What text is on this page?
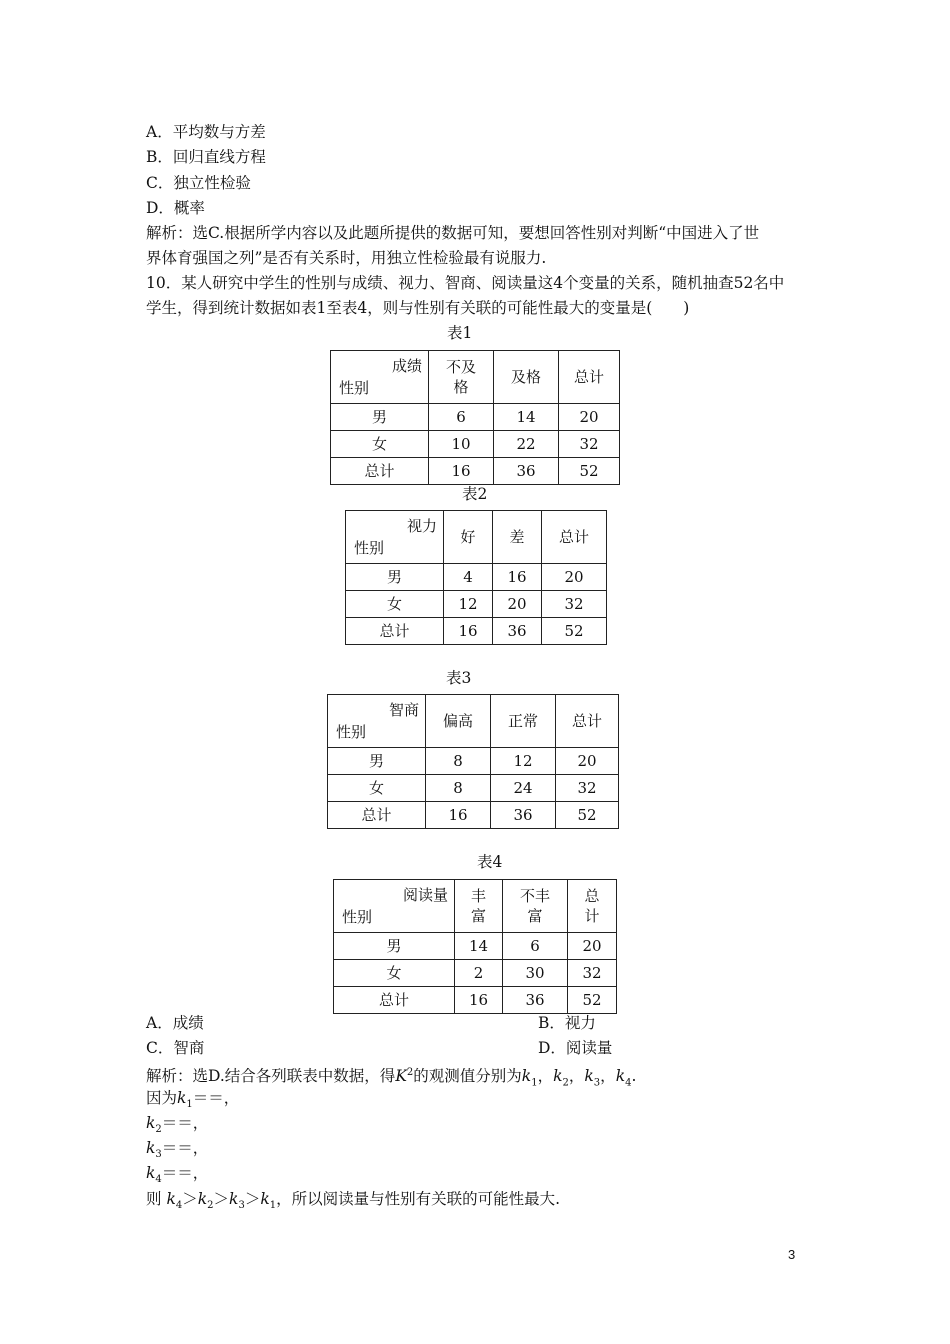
A．平均数与方差
B．回归直线方程
C．独立性检验
D．概率
解析：选C.根据所学内容以及此题所提供的数据可知，要想回答性别对判断“中国进入了世
界体育强国之列”是否有关系时，用独立性检验最有说服力.
10．某人研究中学生的性别与成绩、视力、智商、阅读量这4个变量的关系，随机抽查52名中
学生，得到统计数据如表1至表4，则与性别有关联的可能性最大的变量是(　　)
表1
成绩
性别	不及格	及格	总计
男	6	14	20
女	10	22	32
总计	16	36	52
表2
视力
性别	好	差	总计
男	4	16	20
女	12	20	32
总计	16	36	52
表3
智商
性别	偏高	正常	总计
男	8	12	20
女	8	24	32
总计	16	36	52
表4
阅读量
性别	丰富	不丰富	总计

男	14	6	20
女	2	30	32
总计	16	36	52
A．成绩	B．视力
C．智商	D．阅读量
解析：选D.结合各列联表中数据，得$K^2$的观测值分别为$k_1$，$k_2$，$k_3$，$k_4$.
因为$k_1==$，
$k_2==$，
$k_3==$，
$k_4==$，
则 $k_4>k_2>k_3>k_1$，所以阅读量与性别有关联的可能性最大.
3
